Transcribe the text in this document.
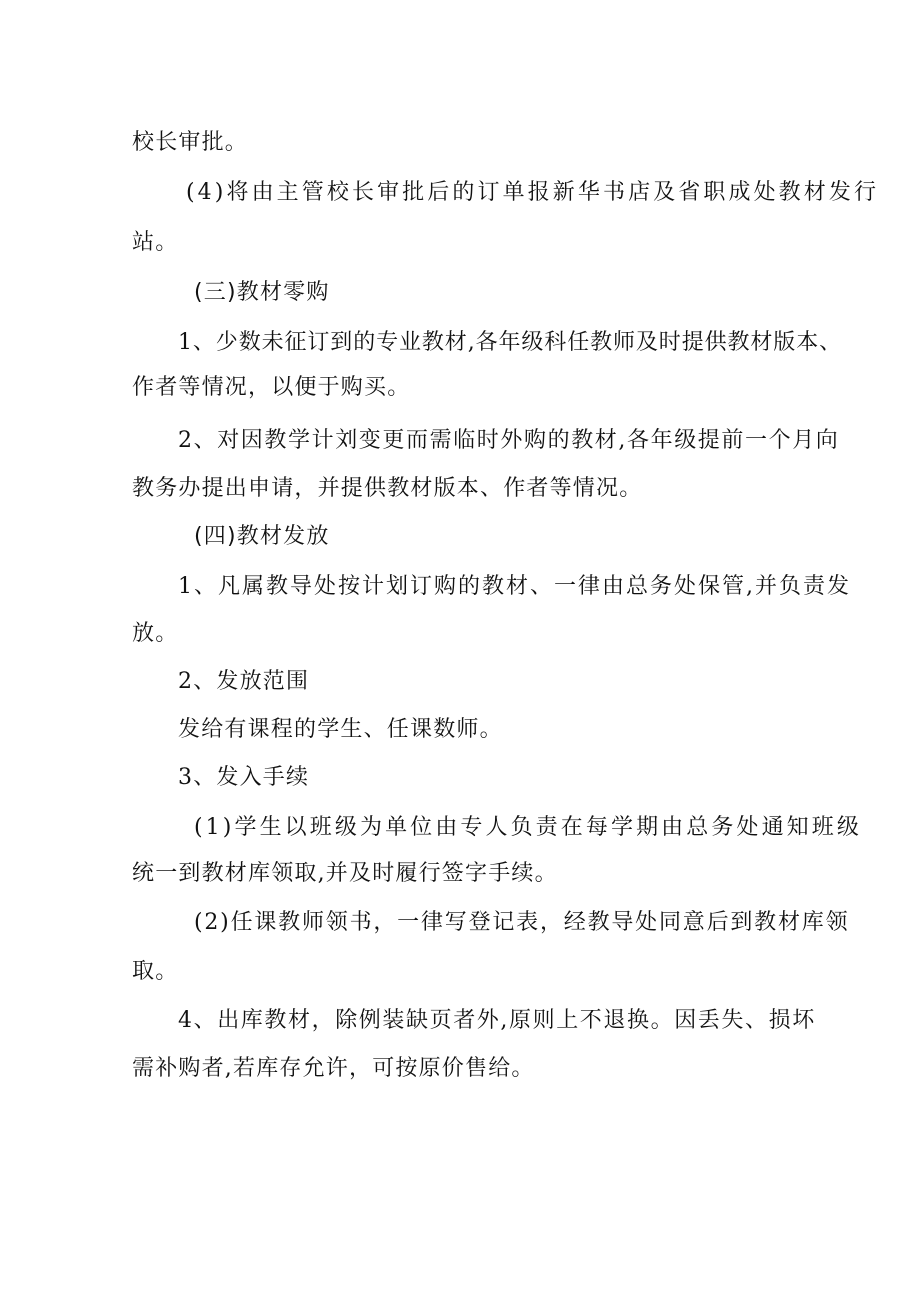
校长审批。
(4)将由主管校长审批后的订单报新华书店及省职成处教材发行
站。
(三)教材零购
1、少数未征订到的专业教材,各年级科任教师及时提供教材版本、
作者等情况，以便于购买。
2、对因教学计刘变更而需临时外购的教材,各年级提前一个月向
教务办提出申请，并提供教材版本、作者等情况。
(四)教材发放
1、凡属教导处按计划订购的教材、一律由总务处保管,并负责发
放。
2、发放范围
发给有课程的学生、任课数师。
3、发入手续
(1)学生以班级为单位由专人负责在每学期由总务处通知班级
统一到教材库领取,并及时履行签字手续。
(2)任课教师领书，一律写登记表，经教导处同意后到教材库领
取。
4、出库教材，除例装缺页者外,原则上不退换。因丢失、损坏
需补购者,若库存允许，可按原价售给。
